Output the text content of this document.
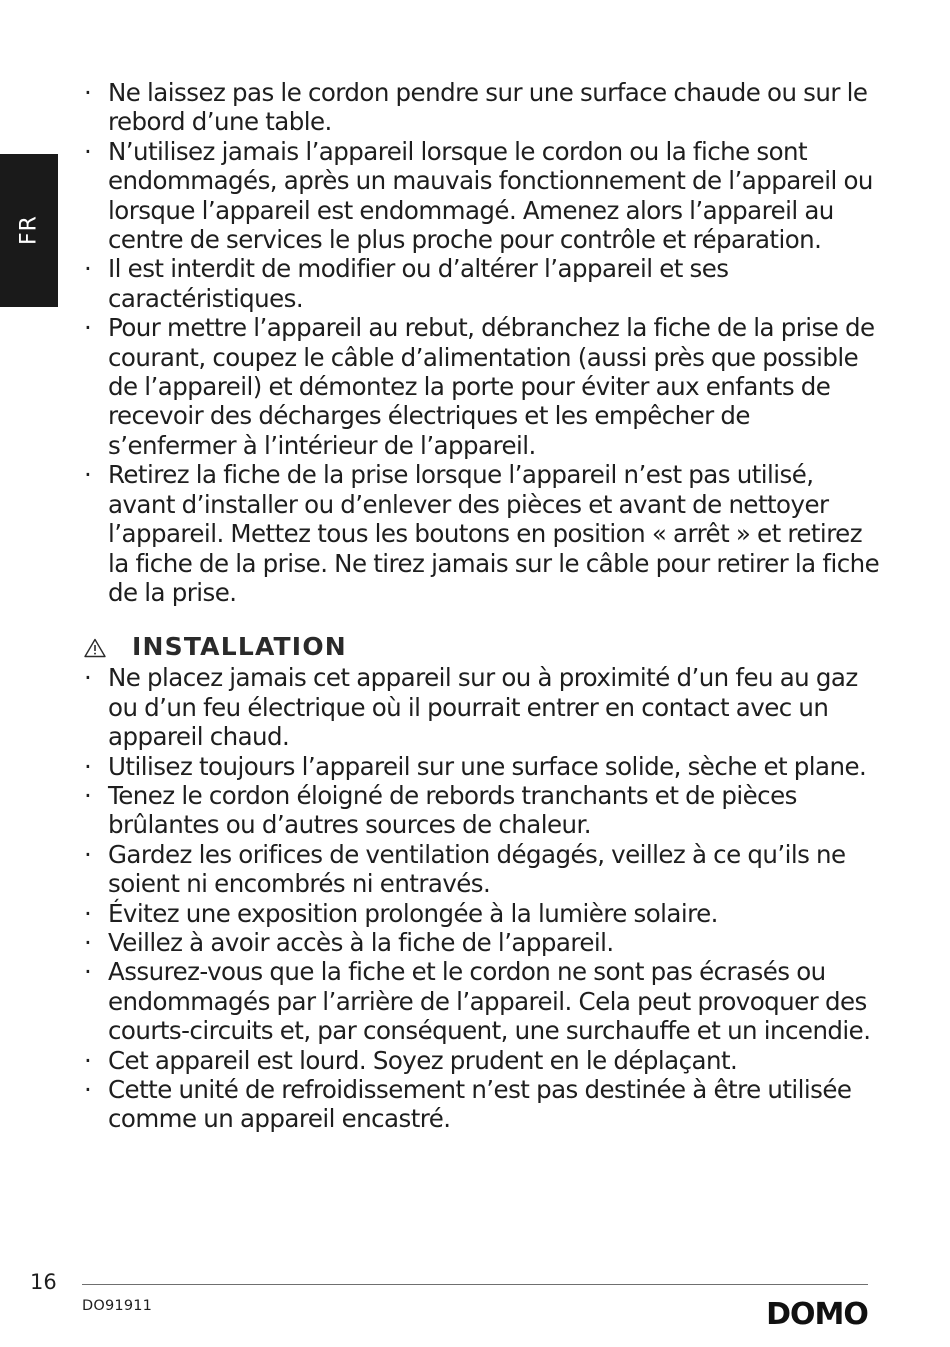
FR
· Ne laissez pas le cordon pendre sur une surface chaude ou sur le rebord d’une table.
· N’utilisez jamais l’appareil lorsque le cordon ou la fiche sont endommagés, après un mauvais fonctionnement de l’appareil ou lorsque l’appareil est endommagé. Amenez alors l’appareil au centre de services le plus proche pour contrôle et réparation.
· Il est interdit de modifier ou d’altérer l’appareil et ses caractéristiques.
· Pour mettre l’appareil au rebut, débranchez la fiche de la prise de courant, coupez le câble d’alimentation (aussi près que possible de l’appareil) et démontez la porte pour éviter aux enfants de recevoir des décharges électriques et les empêcher de s’enfermer à l’intérieur de l’appareil.
· Retirez la fiche de la prise lorsque l’appareil n’est pas utilisé, avant d’installer ou d’enlever des pièces et avant de nettoyer l’appareil. Mettez tous les boutons en position « arrêt » et retirez la fiche de la prise. Ne tirez jamais sur le câble pour retirer la fiche de la prise.
INSTALLATION
· Ne placez jamais cet appareil sur ou à proximité d’un feu au gaz ou d’un feu électrique où il pourrait entrer en contact avec un appareil chaud.
· Utilisez toujours l’appareil sur une surface solide, sèche et plane.
· Tenez le cordon éloigné de rebords tranchants et de pièces brûlantes ou d’autres sources de chaleur.
· Gardez les orifices de ventilation dégagés, veillez à ce qu’ils ne soient ni encombrés ni entravés.
· Évitez une exposition prolongée à la lumière solaire.
· Veillez à avoir accès à la fiche de l’appareil.
· Assurez-vous que la fiche et le cordon ne sont pas écrasés ou endommagés par l’arrière de l’appareil. Cela peut provoquer des courts-circuits et, par conséquent, une surchauffe et un incendie.
· Cet appareil est lourd. Soyez prudent en le déplaçant.
· Cette unité de refroidissement n’est pas destinée à être utilisée comme un appareil encastré.
16
DO91911	DOMO
